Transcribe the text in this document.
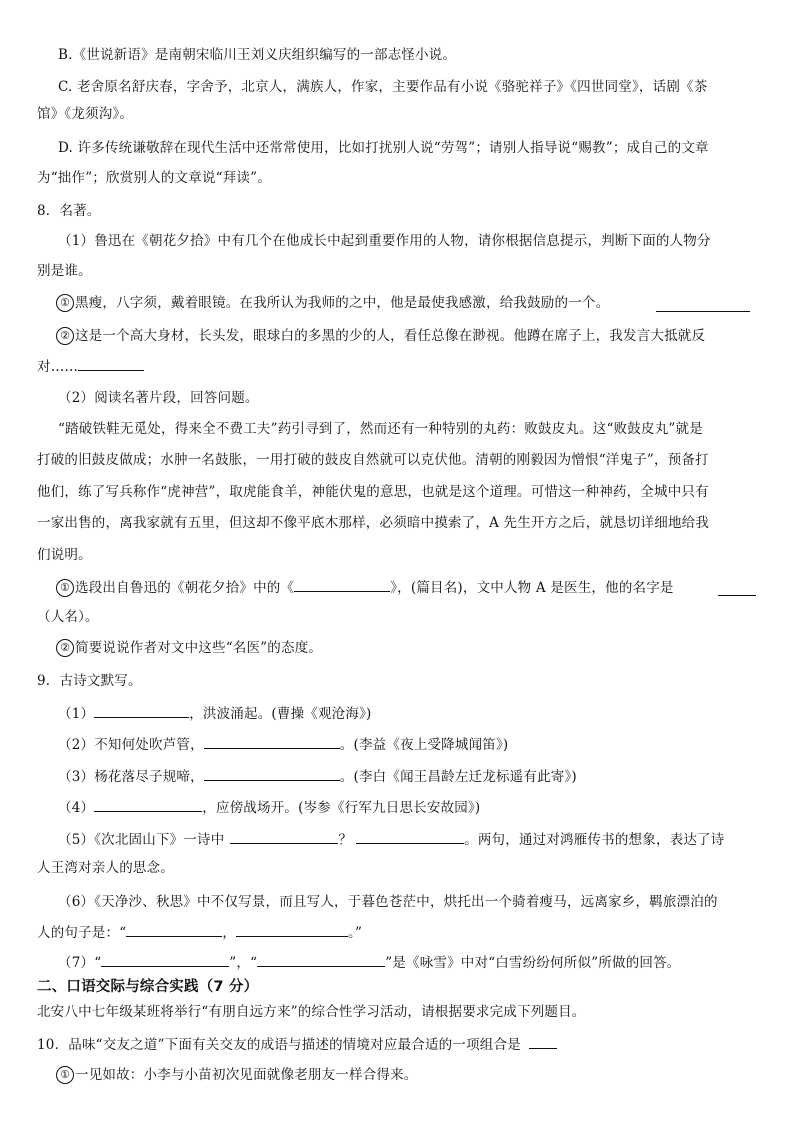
B.《世说新语》是南朝宋临川王刘义庆组织编写的一部志怪小说。
C. 老舍原名舒庆春，字舍予，北京人，满族人，作家，主要作品有小说《骆驼祥子》《四世同堂》，话剧《茶
馆》《龙须沟》。
D. 许多传统谦敬辞在现代生活中还常常使用，比如打扰别人说“劳驾”；请别人指导说“赐教”；成自己的文章
为“拙作”；欣赏别人的文章说“拜读”。
8．名著。
（1）鲁迅在《朝花夕拾》中有几个在他成长中起到重要作用的人物，请你根据信息提示，判断下面的人物分
别是谁。
① 黑瘦，八字须，戴着眼镜。在我所认为我师的之中，他是最使我感激，给我鼓励的一个。
② 这是一个高大身材，长头发，眼球白的多黑的少的人，看任总像在渺视。他蹲在席子上，我发言大抵就反
对……
（2）阅读名著片段，回答问题。
“踏破铁鞋无觅处，得来全不费工夫”药引寻到了，然而还有一种特别的丸药：败鼓皮丸。这“败鼓皮丸”就是
打破的旧鼓皮做成；水肿一名鼓胀，一用打破的鼓皮自然就可以克伏他。清朝的刚毅因为憎恨“洋鬼子”，预备打
他们，练了写兵称作“虎神营”，取虎能食羊，神能伏鬼的意思，也就是这个道理。可惜这一种神药，全城中只有
一家出售的，离我家就有五里，但这却不像平底木那样，必须暗中摸索了，A 先生开方之后，就恳切详细地给我
们说明。
① 选段出自鲁迅的《朝花夕拾》中的《	》，(篇目名)，文中人物 A 是医生，他的名字是
（人名）。
② 简要说说作者对文中这些“名医”的态度。
9．古诗文默写。
（1）	，洪波涌起。(曹操《观沧海》)
（2）不知何处吹芦管，	。(李益《夜上受降城闻笛》)
（3）杨花落尽子规啼，	。(李白《闻王昌龄左迁龙标遥有此寄》)
（4）	，应傍战场开。(岑参《行军九日思长安故园》)
（5）《次北固山下》一诗中	？	。两句，通过对鸿雁传书的想象，表达了诗
人王湾对亲人的思念。
（6）《天净沙、秋思》中不仅写景，而且写人，于暮色苍茫中，烘托出一个骑着瘦马，远离家乡，羁旅漂泊的
人的句子是：“	，	。”
（7）“	”，“	”是《咏雪》中对“白雪纷纷何所似”所做的回答。
二、口语交际与综合实践（7 分）
北安八中七年级某班将举行“有朋自远方来”的综合性学习活动，请根据要求完成下列题目。
10．品味“交友之道”下面有关交友的成语与描述的情境对应最合适的一项组合是
① 一见如故：小李与小苗初次见面就像老朋友一样合得来。
